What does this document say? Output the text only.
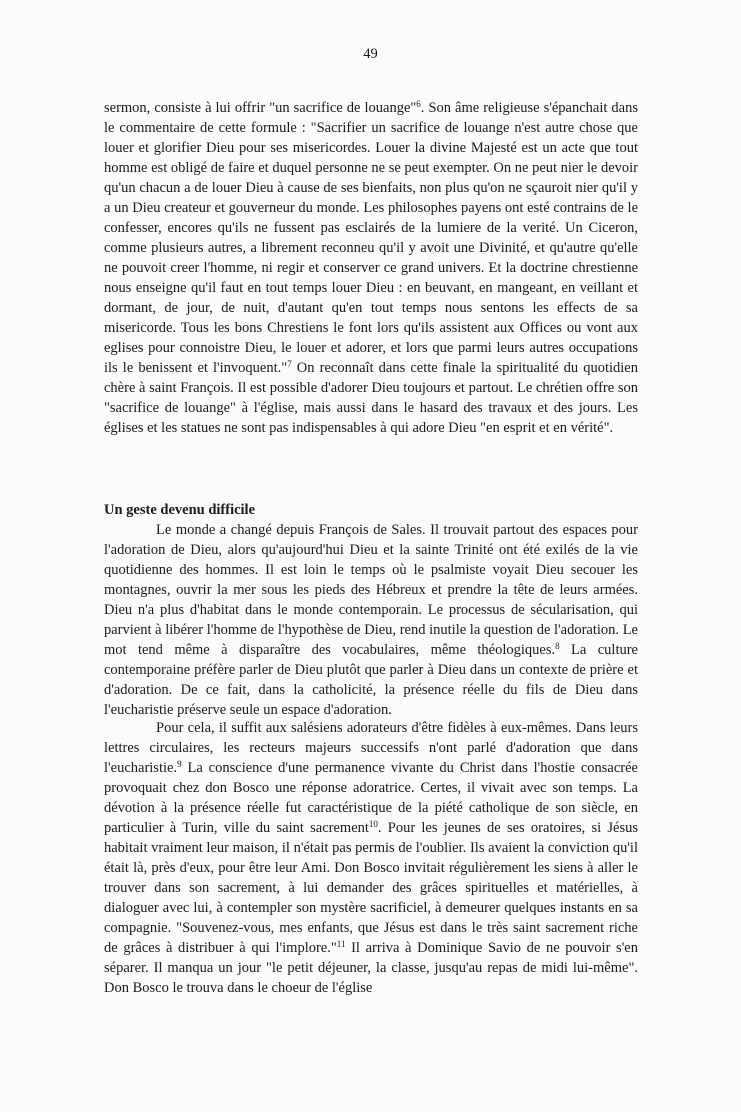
49

sermon, consiste à lui offrir "un sacrifice de louange"$^6$. Son âme religieuse s'épanchait dans le commentaire de cette formule : "Sacrifier un sacrifice de louange n'est autre chose que louer et glorifier Dieu pour ses misericordes. Louer la divine Majesté est un acte que tout homme est obligé de faire et duquel personne ne se peut exempter. On ne peut nier le devoir qu'un chacun a de louer Dieu à cause de ses bienfaits, non plus qu'on ne sçauroit nier qu'il y a un Dieu createur et gouverneur du monde. Les philosophes payens ont esté contrains de le confesser, encores qu'ils ne fussent pas esclairés de la lumiere de la verité. Un Ciceron, comme plusieurs autres, a librement reconneu qu'il y avoit une Divinité, et qu'autre qu'elle ne pouvoit creer l'homme, ni regir et conserver ce grand univers. Et la doctrine chrestienne nous enseigne qu'il faut en tout temps louer Dieu : en beuvant, en mangeant, en veillant et dormant, de jour, de nuit, d'autant qu'en tout temps nous sentons les effects de sa misericorde. Tous les bons Chrestiens le font lors qu'ils assistent aux Offices ou vont aux eglises pour connoistre Dieu, le louer et adorer, et lors que parmi leurs autres occupations ils le benissent et l'invoquent."$^7$ On reconnaît dans cette finale la spiritualité du quotidien chère à saint François. Il est possible d'adorer Dieu toujours et partout. Le chrétien offre son "sacrifice de louange" à l'église, mais aussi dans le hasard des travaux et des jours. Les églises et les statues ne sont pas indispensables à qui adore Dieu "en esprit et en vérité".

Un geste devenu difficile

Le monde a changé depuis François de Sales. Il trouvait partout des espaces pour l'adoration de Dieu, alors qu'aujourd'hui Dieu et la sainte Trinité ont été exilés de la vie quotidienne des hommes. Il est loin le temps où le psalmiste voyait Dieu secouer les montagnes, ouvrir la mer sous les pieds des Hébreux et prendre la tête de leurs armées. Dieu n'a plus d'habitat dans le monde contemporain. Le processus de sécularisation, qui parvient à libérer l'homme de l'hypothèse de Dieu, rend inutile la question de l'adoration. Le mot tend même à disparaître des vocabulaires, même théologiques.$^8$ La culture contemporaine préfère parler de Dieu plutôt que parler à Dieu dans un contexte de prière et d'adoration. De ce fait, dans la catholicité, la présence réelle du fils de Dieu dans l'eucharistie préserve seule un espace d'adoration.

Pour cela, il suffit aux salésiens adorateurs d'être fidèles à eux-mêmes. Dans leurs lettres circulaires, les recteurs majeurs successifs n'ont parlé d'adoration que dans l'eucharistie.$^9$ La conscience d'une permanence vivante du Christ dans l'hostie consacrée provoquait chez don Bosco une réponse adoratrice. Certes, il vivait avec son temps. La dévotion à la présence réelle fut caractéristique de la piété catholique de son siècle, en particulier à Turin, ville du saint sacrement$^{10}$. Pour les jeunes de ses oratoires, si Jésus habitait vraiment leur maison, il n'était pas permis de l'oublier. Ils avaient la conviction qu'il était là, près d'eux, pour être leur Ami. Don Bosco invitait régulièrement les siens à aller le trouver dans son sacrement, à lui demander des grâces spirituelles et matérielles, à dialoguer avec lui, à contempler son mystère sacrificiel, à demeurer quelques instants en sa compagnie. "Souvenez-vous, mes enfants, que Jésus est dans le très saint sacrement riche de grâces à distribuer à qui l'implore."$^{11}$ Il arriva à Dominique Savio de ne pouvoir s'en séparer. Il manqua un jour "le petit déjeuner, la classe, jusqu'au repas de midi lui-même". Don Bosco le trouva dans le choeur de l'église
